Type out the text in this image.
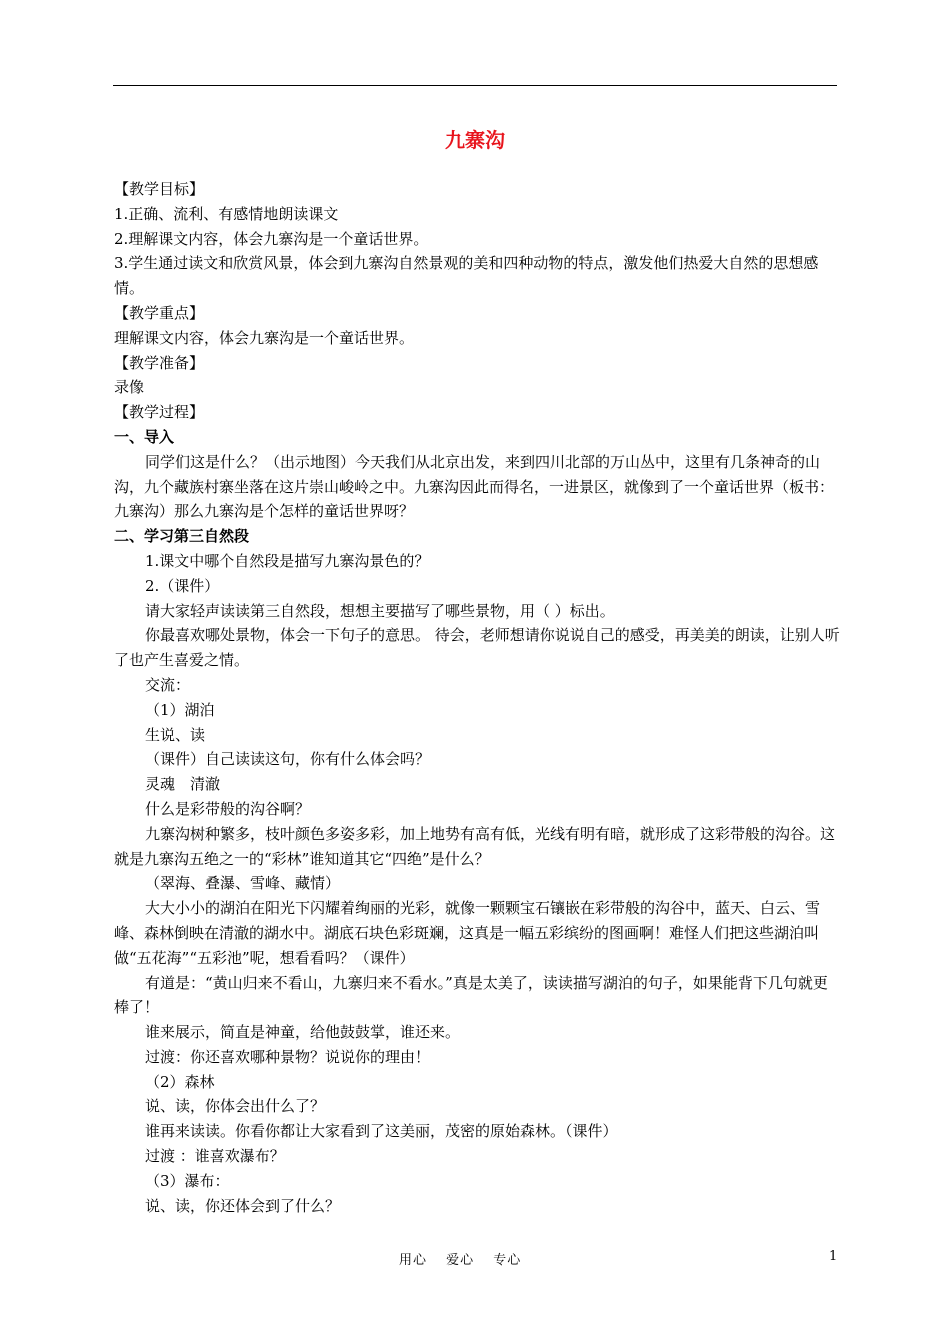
九寨沟

【教学目标】

1.正确、流利、有感情地朗读课文

2.理解课文内容，体会九寨沟是一个童话世界。

3.学生通过读文和欣赏风景，体会到九寨沟自然景观的美和四种动物的特点，激发他们热爱大自然的思想感情。

【教学重点】

理解课文内容，体会九寨沟是一个童话世界。

【教学准备】

录像

【教学过程】

一、导入

同学们这是什么？（出示地图）今天我们从北京出发，来到四川北部的万山丛中，这里有几条神奇的山沟，九个藏族村寨坐落在这片崇山峻岭之中。九寨沟因此而得名，一进景区，就像到了一个童话世界（板书：九寨沟）那么九寨沟是个怎样的童话世界呀？

二、学习第三自然段

1.课文中哪个自然段是描写九寨沟景色的？

2.（课件）

请大家轻声读读第三自然段，想想主要描写了哪些景物，用（ ）标出。

你最喜欢哪处景物，体会一下句子的意思。 待会，老师想请你说说自己的感受，再美美的朗读，让别人听了也产生喜爱之情。

交流：

（1）湖泊

生说、读

（课件）自己读读这句，你有什么体会吗？

灵魂　清澈

什么是彩带般的沟谷啊？

九寨沟树种繁多，枝叶颜色多姿多彩，加上地势有高有低，光线有明有暗，就形成了这彩带般的沟谷。这就是九寨沟五绝之一的“彩林”谁知道其它“四绝”是什么？

（翠海、叠瀑、雪峰、藏情）

大大小小的湖泊在阳光下闪耀着绚丽的光彩，就像一颗颗宝石镶嵌在彩带般的沟谷中，蓝天、白云、雪峰、森林倒映在清澈的湖水中。湖底石块色彩斑斓，这真是一幅五彩缤纷的图画啊！难怪人们把这些湖泊叫做“五花海”“五彩池”呢，想看看吗？（课件）

有道是：“黄山归来不看山，九寨归来不看水。”真是太美了，读读描写湖泊的句子，如果能背下几句就更棒了！

谁来展示，简直是神童，给他鼓鼓掌，谁还来。

过渡：你还喜欢哪种景物？说说你的理由！

（2）森林

说、读，你体会出什么了？

谁再来读读。你看你都让大家看到了这美丽，茂密的原始森林。（课件）

过渡 ：谁喜欢瀑布？

（3）瀑布：

说、读，你还体会到了什么？

用心　 爱心　 专心	1
